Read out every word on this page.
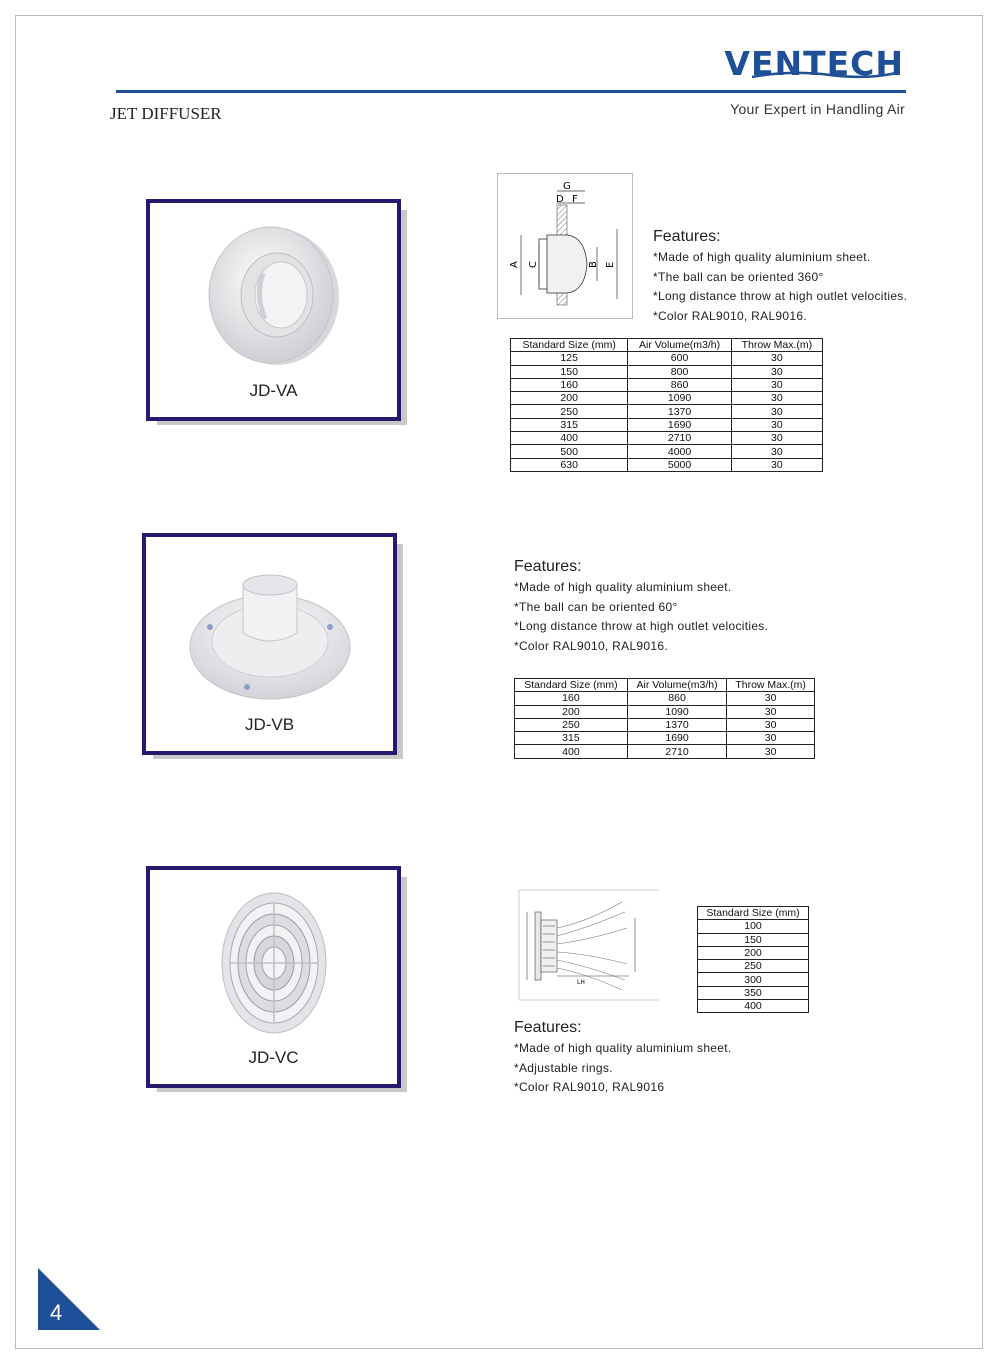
VENTECH
Your Expert in Handling Air
JET DIFFUSER
JD-VA
G
D F
A C	B E
Features:
*Made of high quality aluminium sheet.
*The ball can be oriented 360°
*Long distance throw at high outlet velocities.
*Color RAL9010, RAL9016.
Standard Size (mm)	Air Volume(m3/h)	Throw Max.(m)
125	600	30
150	800	30
160	860	30
200	1090	30
250	1370	30
315	1690	30
400	2710	30
500	4000	30
630	5000	30
JD-VB
Features:
*Made of high quality aluminium sheet.
*The ball can be oriented 60°
*Long distance throw at high outlet velocities.
*Color RAL9010, RAL9016.
Standard Size (mm)	Air Volume(m3/h)	Throw Max.(m)
160	860	30
200	1090	30
250	1370	30
315	1690	30
400	2710	30
JD-VC
LH
Standard Size (mm)
100
150
200
250
300
350
400
Features:
*Made of high quality aluminium sheet.
*Adjustable rings.
*Color RAL9010, RAL9016
4
